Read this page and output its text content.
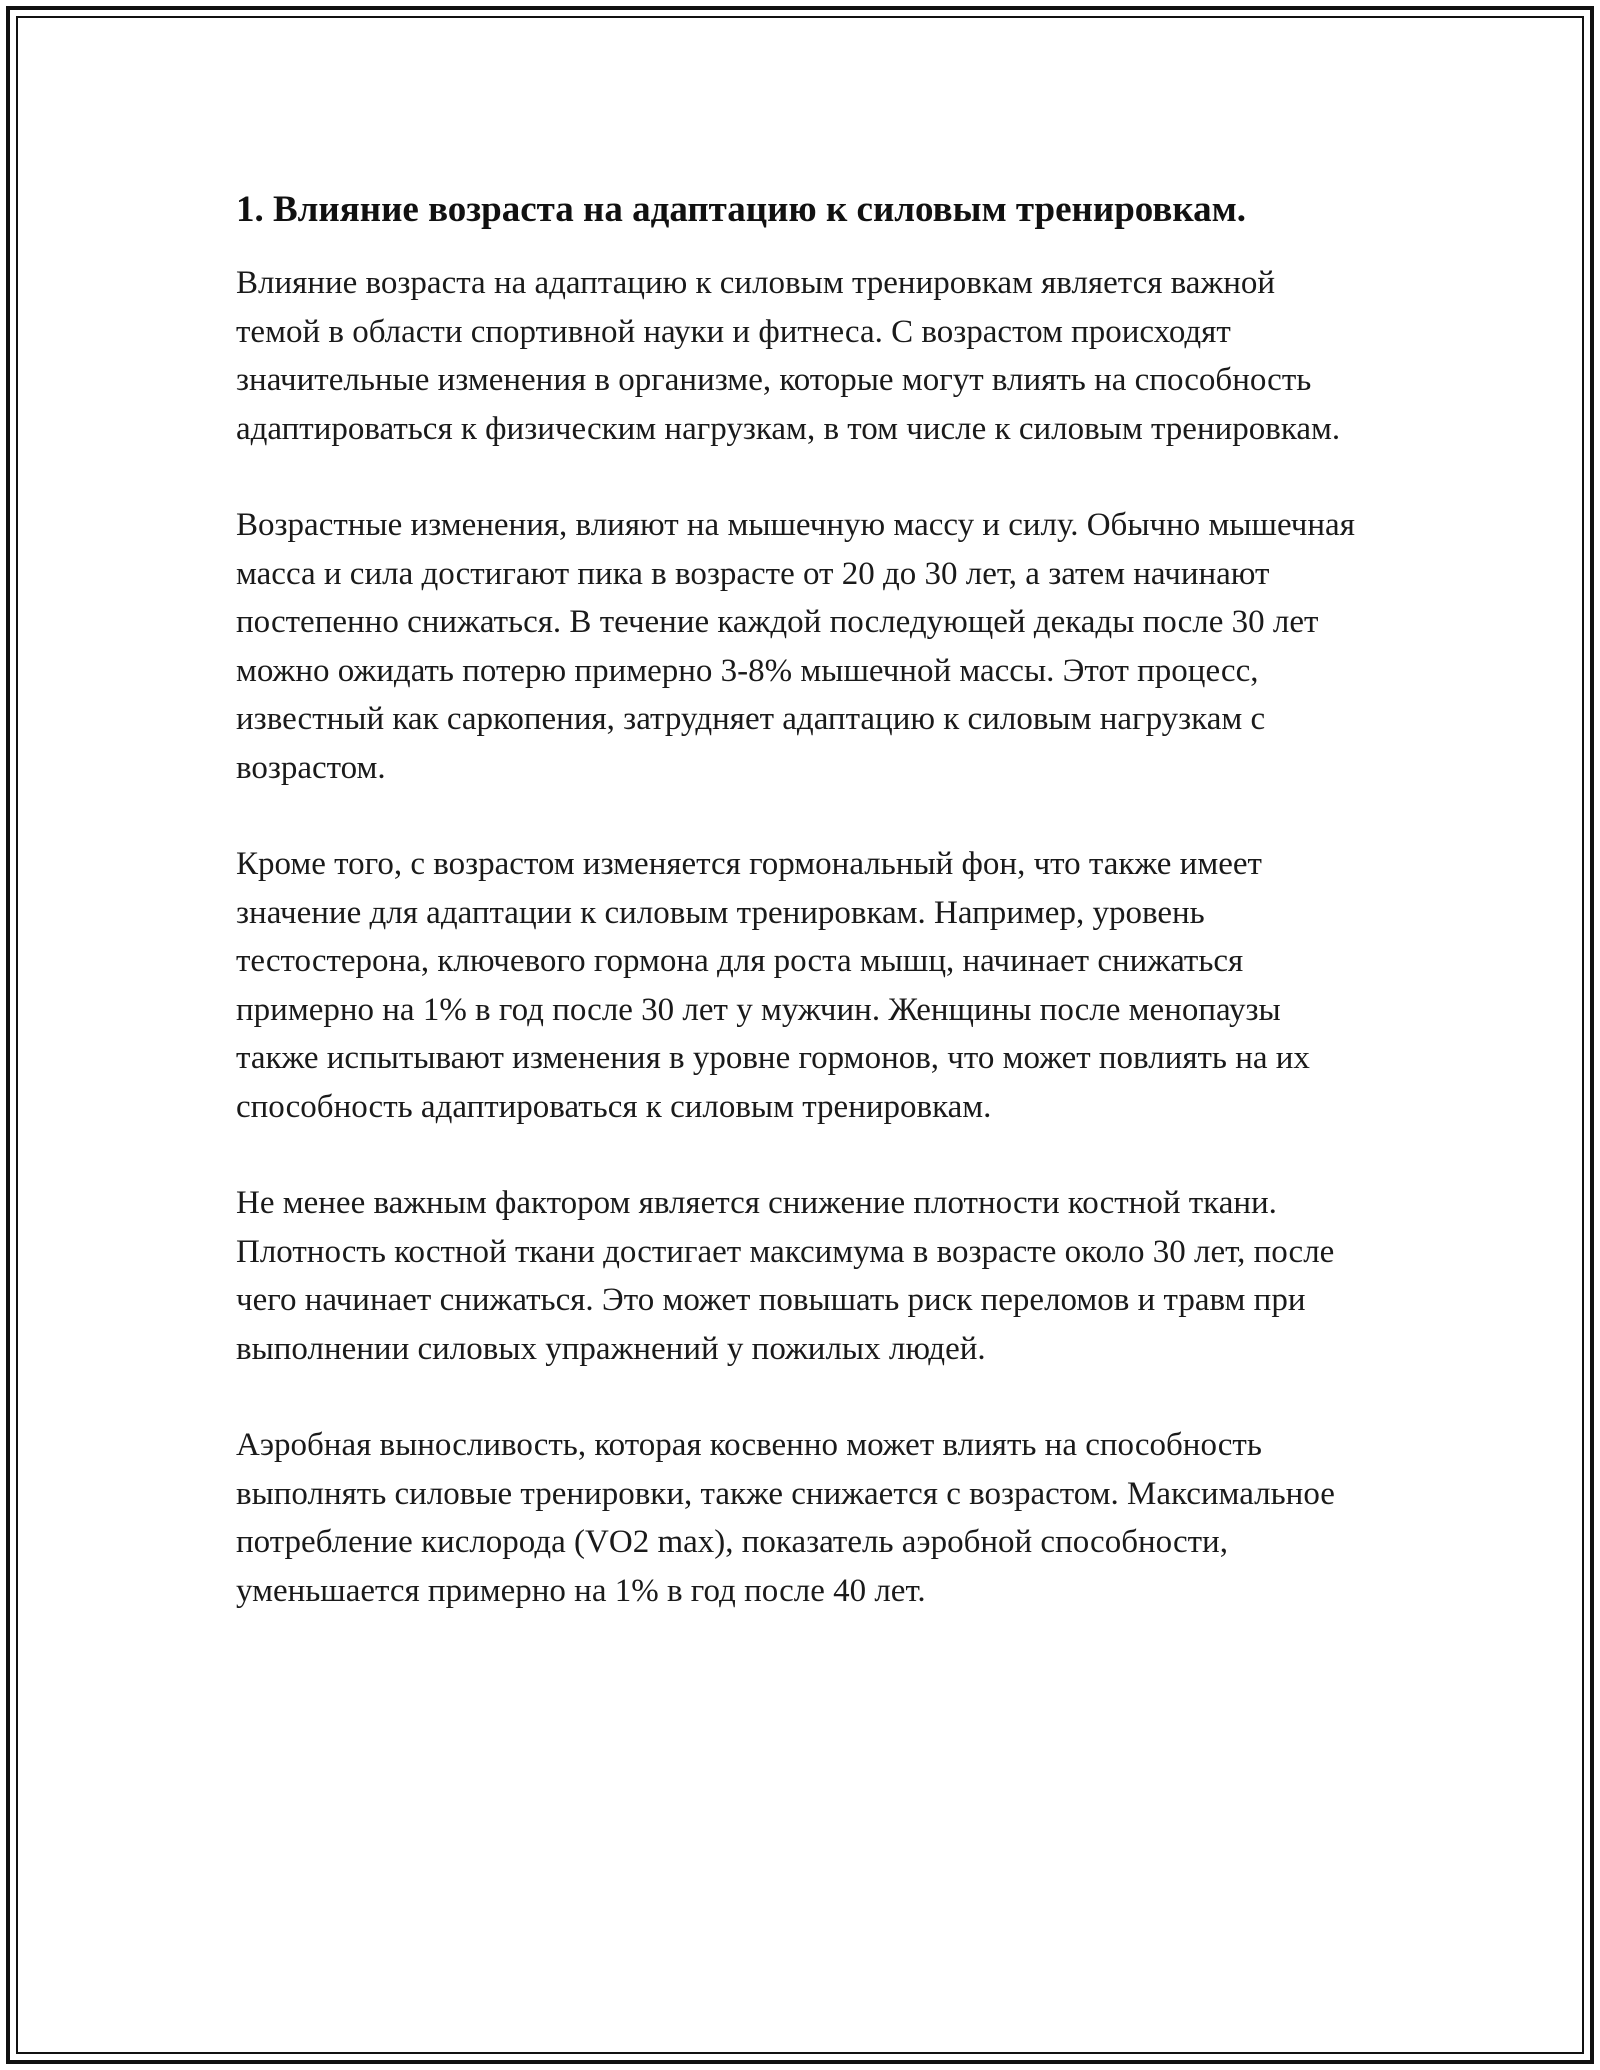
1. Влияние возраста на адаптацию к силовым тренировкам.

Влияние возраста на адаптацию к силовым тренировкам является важной темой в области спортивной науки и фитнеса. С возрастом происходят значительные изменения в организме, которые могут влиять на способность адаптироваться к физическим нагрузкам, в том числе к силовым тренировкам.

Возрастные изменения, влияют на мышечную массу и силу. Обычно мышечная масса и сила достигают пика в возрасте от 20 до 30 лет, а затем начинают постепенно снижаться. В течение каждой последующей декады после 30 лет можно ожидать потерю примерно 3-8% мышечной массы. Этот процесс, известный как саркопения, затрудняет адаптацию к силовым нагрузкам с возрастом.

Кроме того, с возрастом изменяется гормональный фон, что также имеет значение для адаптации к силовым тренировкам. Например, уровень тестостерона, ключевого гормона для роста мышц, начинает снижаться примерно на 1% в год после 30 лет у мужчин. Женщины после менопаузы также испытывают изменения в уровне гормонов, что может повлиять на их способность адаптироваться к силовым тренировкам.

Не менее важным фактором является снижение плотности костной ткани. Плотность костной ткани достигает максимума в возрасте около 30 лет, после чего начинает снижаться. Это может повышать риск переломов и травм при выполнении силовых упражнений у пожилых людей.

Аэробная выносливость, которая косвенно может влиять на способность выполнять силовые тренировки, также снижается с возрастом. Максимальное потребление кислорода (VO2 max), показатель аэробной способности, уменьшается примерно на 1% в год после 40 лет.
